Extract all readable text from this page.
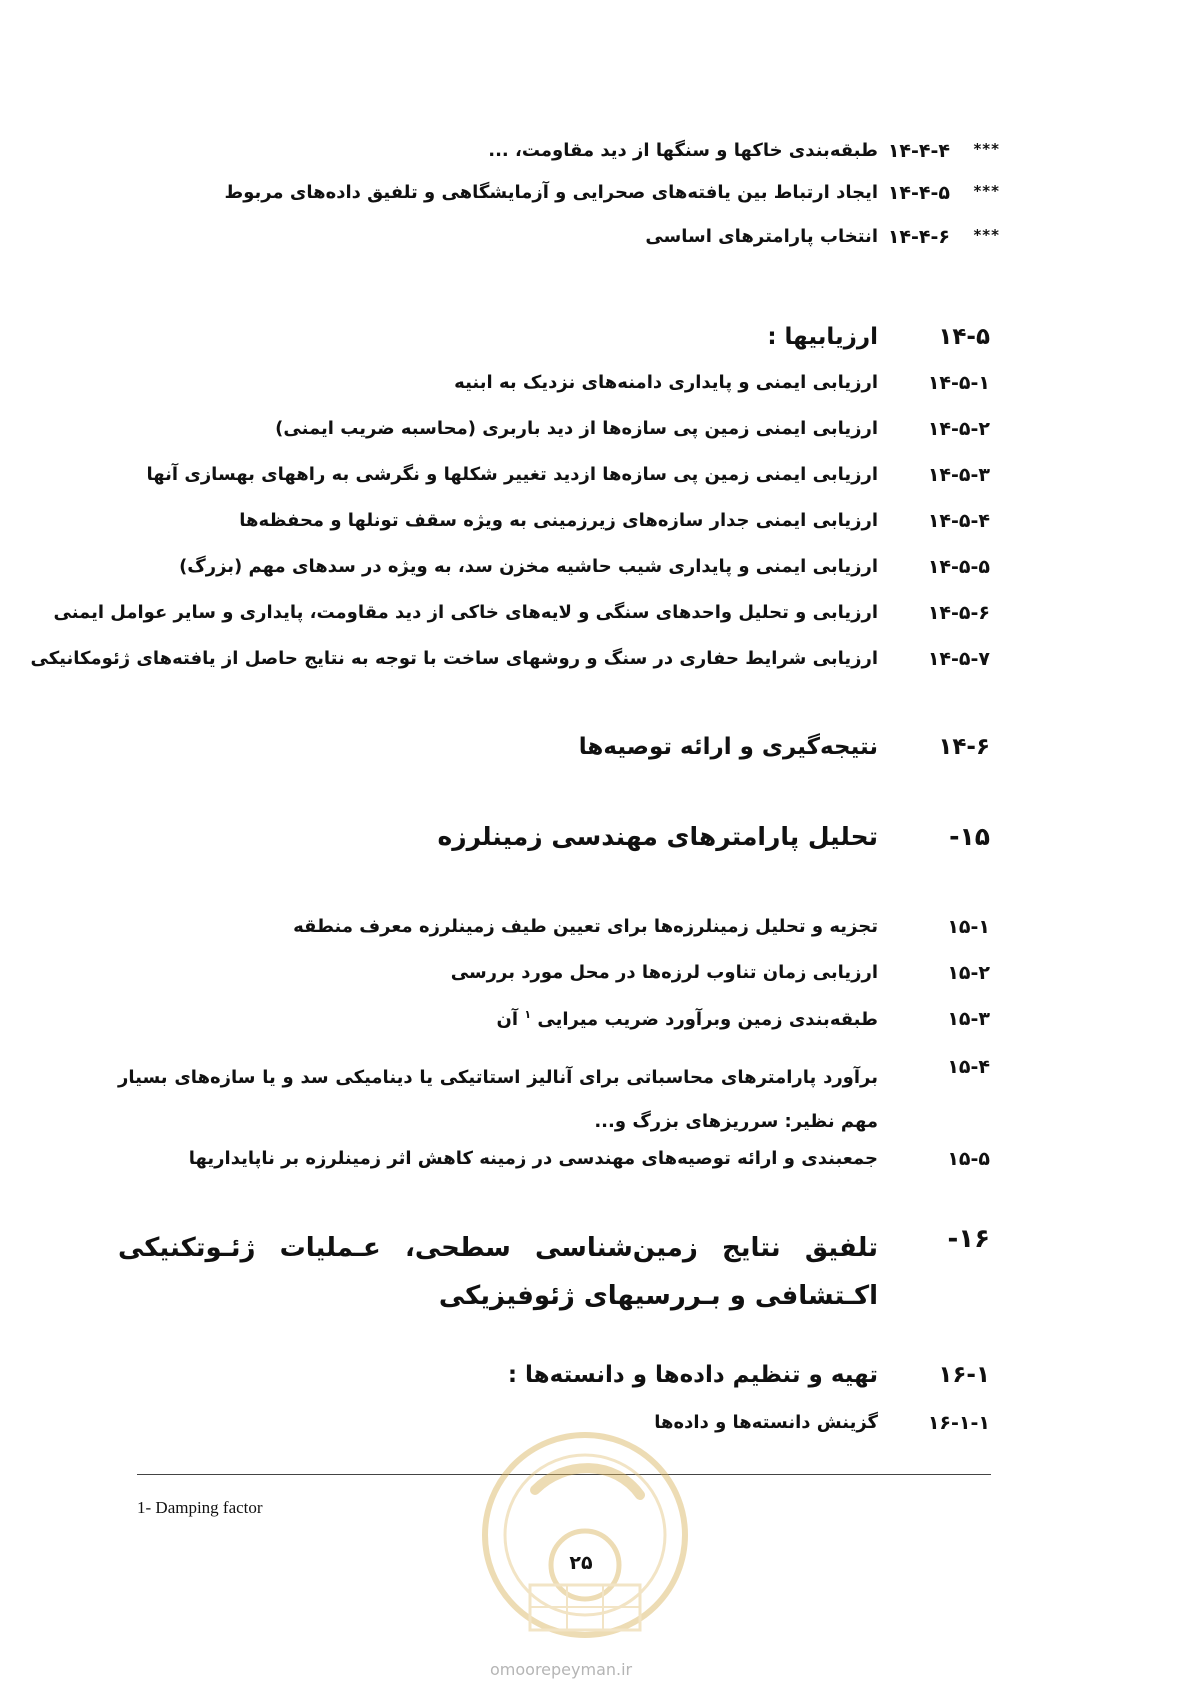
***
۱۴-۴-۴
طبقه‌بندی خاکها و سنگها از دید مقاومت، ...
***
۱۴-۴-۵
ایجاد ارتباط بین یافته‌های صحرایی و آزمایشگاهی و تلفیق داده‌های مربوط
***
۱۴-۴-۶
انتخاب پارامترهای اساسی
۱۴-۵
ارزیابیها :
۱۴-۵-۱
ارزیابی ایمنی و پایداری دامنه‌های نزدیک به ابنیه
۱۴-۵-۲
ارزیابی ایمنی زمین پی سازه‌ها از دید باربری (محاسبه ضریب ایمنی)
۱۴-۵-۳
ارزیابی ایمنی زمین پی سازه‌ها ازدید تغییر شکلها و نگرشی به راههای بهسازی آنها
۱۴-۵-۴
ارزیابی ایمنی جدار سازه‌های زیرزمینی به ویژه سقف تونلها و محفظه‌ها
۱۴-۵-۵
ارزیابی ایمنی و پایداری شیب حاشیه مخزن سد، به ویژه در سدهای مهم (بزرگ)
۱۴-۵-۶
ارزیابی و تحلیل واحدهای سنگی و لایه‌های خاکی از دید مقاومت، پایداری و سایر عوامل ایمنی
۱۴-۵-۷
ارزیابی شرایط حفاری در سنگ و روشهای ساخت با توجه به نتایج حاصل از یافته‌های ژئومکانیکی
۱۴-۶
نتیجه‌گیری و ارائه توصیه‌ها
۱۵-
تحلیل پارامترهای مهندسی زمینلرزه
۱۵-۱
تجزیه و تحلیل زمینلرزه‌ها برای تعیین طیف زمینلرزه معرف منطقه
۱۵-۲
ارزیابی زمان تناوب لرزه‌ها در محل مورد بررسی
۱۵-۳
طبقه‌بندی زمین وبرآورد ضریب میرایی $^۱$ آن
۱۵-۴
برآورد پارامترهای محاسباتی برای آنالیز استاتیکی یا دینامیکی سد و یا سازه‌های بسیار مهم نظیر: سرریزهای بزرگ و...
۱۵-۵
جمعبندی و ارائه توصیه‌های مهندسی در زمینه کاهش اثر زمینلرزه بر ناپایداریها
۱۶-
تلفیق نتایج زمین‌شناسی سطحی، عـملیات ژئـوتکنیکی اکـتشافی و بـررسیهای ژئوفیزیکی
۱۶-۱
تهیه و تنظیم داده‌ها و دانسته‌ها :
۱۶-۱-۱
گزینش دانسته‌ها و داده‌ها
1- Damping factor
۲۵
omoorepeyman.ir
